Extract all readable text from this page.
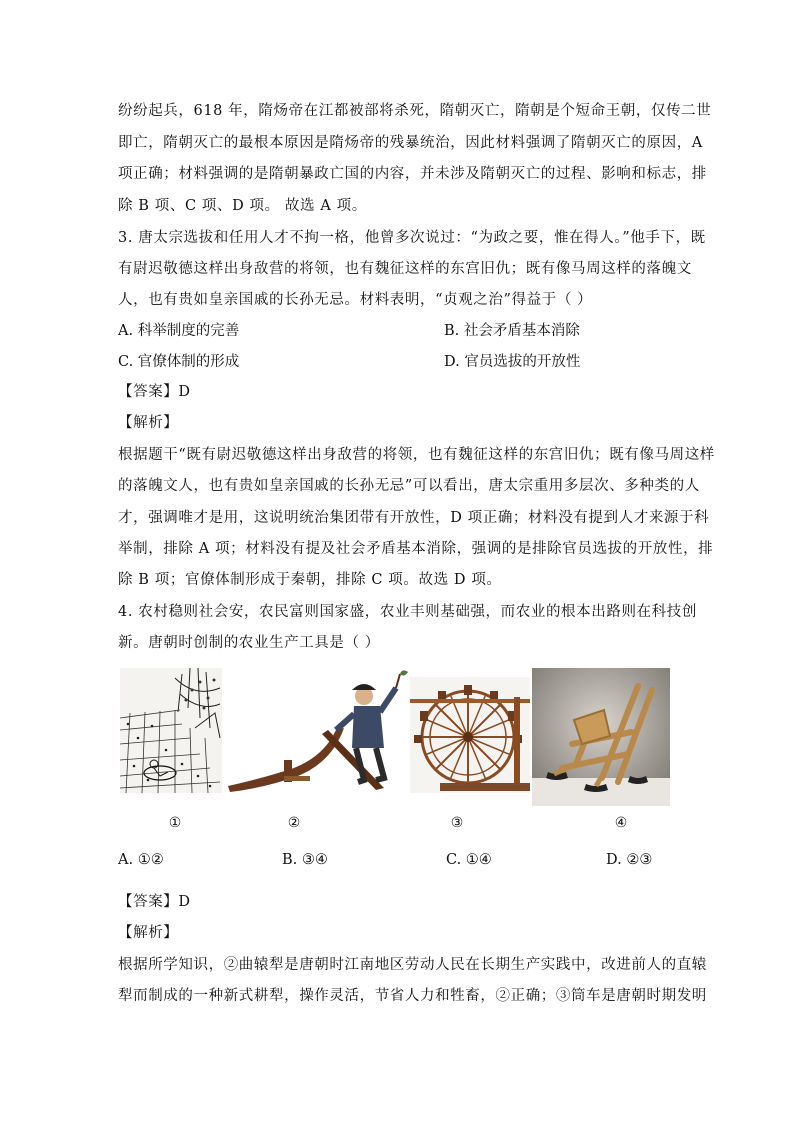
纷纷起兵，618 年，隋炀帝在江都被部将杀死，隋朝灭亡，隋朝是个短命王朝，仅传二世
即亡，隋朝灭亡的最根本原因是隋炀帝的残暴统治，因此材料强调了隋朝灭亡的原因，A
项正确；材料强调的是隋朝暴政亡国的内容，并未涉及隋朝灭亡的过程、影响和标志，排
除 B 项、C 项、D 项。 故选 A 项。
3. 唐太宗选拔和任用人才不拘一格，他曾多次说过：“为政之要，惟在得人。”他手下，既
有尉迟敬德这样出身敌营的将领，也有魏征这样的东宫旧仇；既有像马周这样的落魄文
人，也有贵如皇亲国戚的长孙无忌。材料表明，“贞观之治”得益于（ ）
A. 科举制度的完善	B. 社会矛盾基本消除
C. 官僚体制的形成	D. 官员选拔的开放性
【答案】D
【解析】
根据题干“既有尉迟敬德这样出身敌营的将领，也有魏征这样的东宫旧仇；既有像马周这样
的落魄文人，也有贵如皇亲国戚的长孙无忌”可以看出，唐太宗重用多层次、多种类的人
才，强调唯才是用，这说明统治集团带有开放性，D 项正确；材料没有提到人才来源于科
举制，排除 A 项；材料没有提及社会矛盾基本消除，强调的是排除官员选拔的开放性，排
除 B 项；官僚体制形成于秦朝，排除 C 项。故选 D 项。
4. 农村稳则社会安，农民富则国家盛，农业丰则基础强，而农业的根本出路则在科技创
新。唐朝时创制的农业生产工具是（ ）
①	②	③	④
A. ①②	B. ③④	C. ①④	D. ②③
【答案】D
【解析】
根据所学知识，②曲辕犁是唐朝时江南地区劳动人民在长期生产实践中，改进前人的直辕
犁而制成的一种新式耕犁，操作灵活，节省人力和牲畜，②正确；③筒车是唐朝时期发明
